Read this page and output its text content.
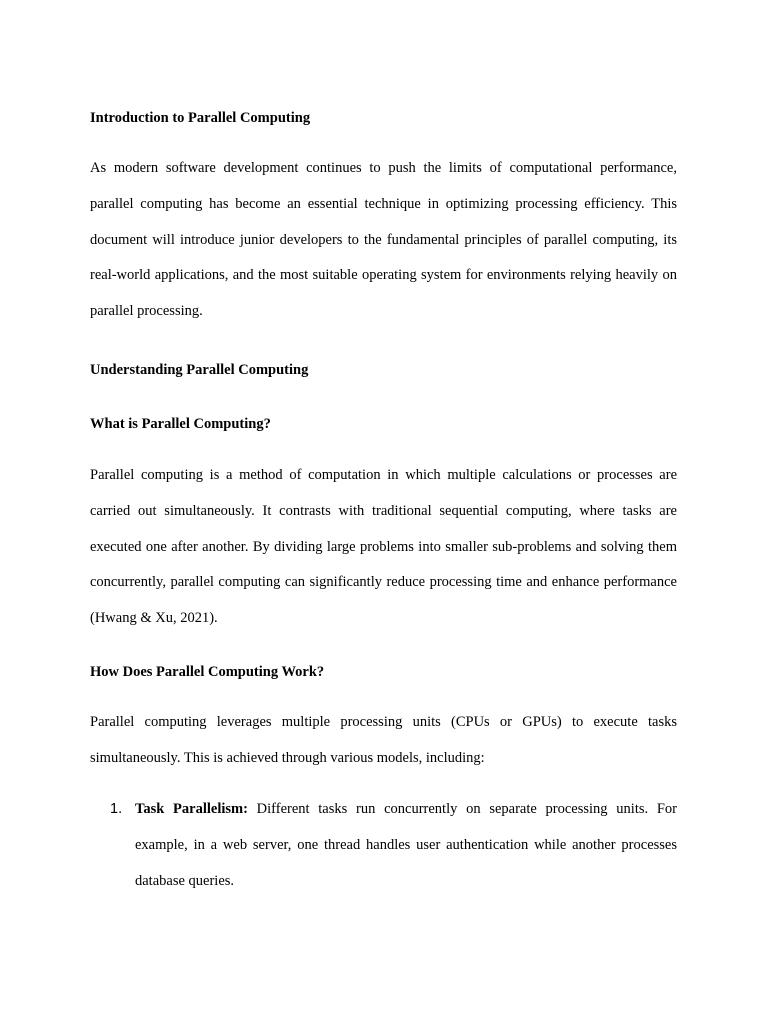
Introduction to Parallel Computing
As modern software development continues to push the limits of computational performance, parallel computing has become an essential technique in optimizing processing efficiency. This document will introduce junior developers to the fundamental principles of parallel computing, its real-world applications, and the most suitable operating system for environments relying heavily on parallel processing.
Understanding Parallel Computing
What is Parallel Computing?
Parallel computing is a method of computation in which multiple calculations or processes are carried out simultaneously. It contrasts with traditional sequential computing, where tasks are executed one after another. By dividing large problems into smaller sub-problems and solving them concurrently, parallel computing can significantly reduce processing time and enhance performance (Hwang & Xu, 2021).
How Does Parallel Computing Work?
Parallel computing leverages multiple processing units (CPUs or GPUs) to execute tasks simultaneously. This is achieved through various models, including:
1. Task Parallelism: Different tasks run concurrently on separate processing units. For example, in a web server, one thread handles user authentication while another processes database queries.
